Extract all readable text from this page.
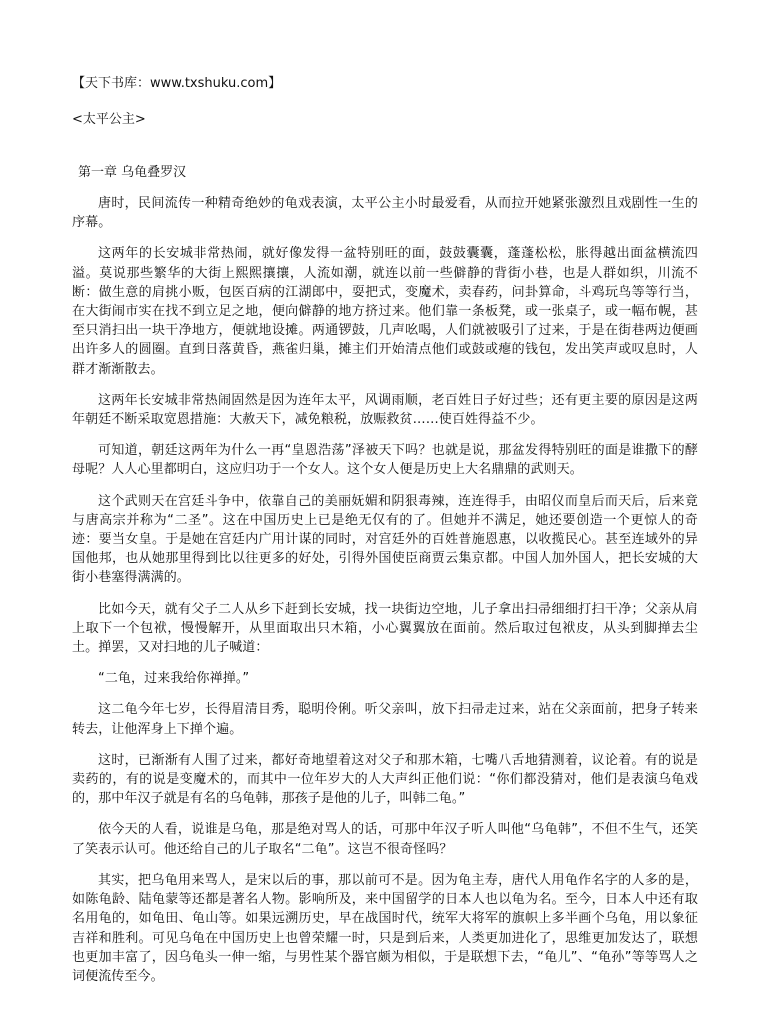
【天下书库：www.txshuku.com】

<太平公主>

第一章 乌龟叠罗汉

唐时，民间流传一种精奇绝妙的龟戏表演，太平公主小时最爱看，从而拉开她紧张激烈且戏剧性一生的序幕。

这两年的长安城非常热闹，就好像发得一盆特别旺的面，鼓鼓囊囊，蓬蓬松松，胀得越出面盆横流四溢。莫说那些繁华的大街上熙熙攘攘，人流如潮，就连以前一些僻静的背街小巷，也是人群如织，川流不断：做生意的肩挑小贩，包医百病的江湖郎中，耍把式，变魔术，卖春药，问卦算命，斗鸡玩鸟等等行当，在大街闹市实在找不到立足之地，便向僻静的地方挤过来。他们靠一条板凳，或一张桌子，或一幅布幌，甚至只消扫出一块干净地方，便就地设摊。两通锣鼓，几声吆喝，人们就被吸引了过来，于是在街巷两边便画出许多人的圆圈。直到日落黄昏，燕雀归巢，摊主们开始清点他们或鼓或瘪的钱包，发出笑声或叹息时，人群才渐渐散去。

这两年长安城非常热闹固然是因为连年太平，风调雨顺，老百姓日子好过些；还有更主要的原因是这两年朝廷不断采取宽恩措施：大赦天下，减免粮税，放赈救贫……使百姓得益不少。

可知道，朝廷这两年为什么一再“皇恩浩荡”泽被天下吗？也就是说，那盆发得特别旺的面是谁撒下的酵母呢？人人心里都明白，这应归功于一个女人。这个女人便是历史上大名鼎鼎的武则天。

这个武则天在宫廷斗争中，依靠自己的美丽妩媚和阴狠毒辣，连连得手，由昭仪而皇后而天后，后来竟与唐高宗并称为“二圣”。这在中国历史上已是绝无仅有的了。但她并不满足，她还要创造一个更惊人的奇迹：要当女皇。于是她在宫廷内广用计谋的同时，对宫廷外的百姓普施恩惠，以收揽民心。甚至连域外的异国他邦，也从她那里得到比以往更多的好处，引得外国使臣商贾云集京都。中国人加外国人，把长安城的大街小巷塞得满满的。

比如今天，就有父子二人从乡下赶到长安城，找一块街边空地，儿子拿出扫帚细细打扫干净；父亲从肩上取下一个包袱，慢慢解开，从里面取出只木箱，小心翼翼放在面前。然后取过包袱皮，从头到脚掸去尘土。掸罢，又对扫地的儿子喊道：

“二龟，过来我给你禅掸。”

这二龟今年七岁，长得眉清目秀，聪明伶俐。听父亲叫，放下扫帚走过来，站在父亲面前，把身子转来转去，让他浑身上下掸个遍。

这时，已渐渐有人围了过来，都好奇地望着这对父子和那木箱，七嘴八舌地猜测着，议论着。有的说是卖药的，有的说是变魔术的，而其中一位年岁大的人大声纠正他们说：“你们都没猜对，他们是表演乌龟戏的，那中年汉子就是有名的乌龟韩，那孩子是他的儿子，叫韩二龟。”

依今天的人看，说谁是乌龟，那是绝对骂人的话，可那中年汉子听人叫他“乌龟韩”，不但不生气，还笑了笑表示认可。他还给自己的儿子取名“二龟”。这岂不很奇怪吗？

其实，把乌龟用来骂人，是宋以后的事，那以前可不是。因为龟主寿，唐代人用龟作名字的人多的是，如陈龟龄、陆龟蒙等还都是著名人物。影响所及，来中国留学的日本人也以龟为名。至今，日本人中还有取名用龟的，如龟田、龟山等。如果远溯历史，早在战国时代，统军大将军的旗帜上多半画个乌龟，用以象征吉祥和胜利。可见乌龟在中国历史上也曾荣耀一时，只是到后来，人类更加进化了，思维更加发达了，联想也更加丰富了，因乌龟头一伸一缩，与男性某个器官颇为相似，于是联想下去，“龟儿”、“龟孙”等等骂人之词便流传至今。
